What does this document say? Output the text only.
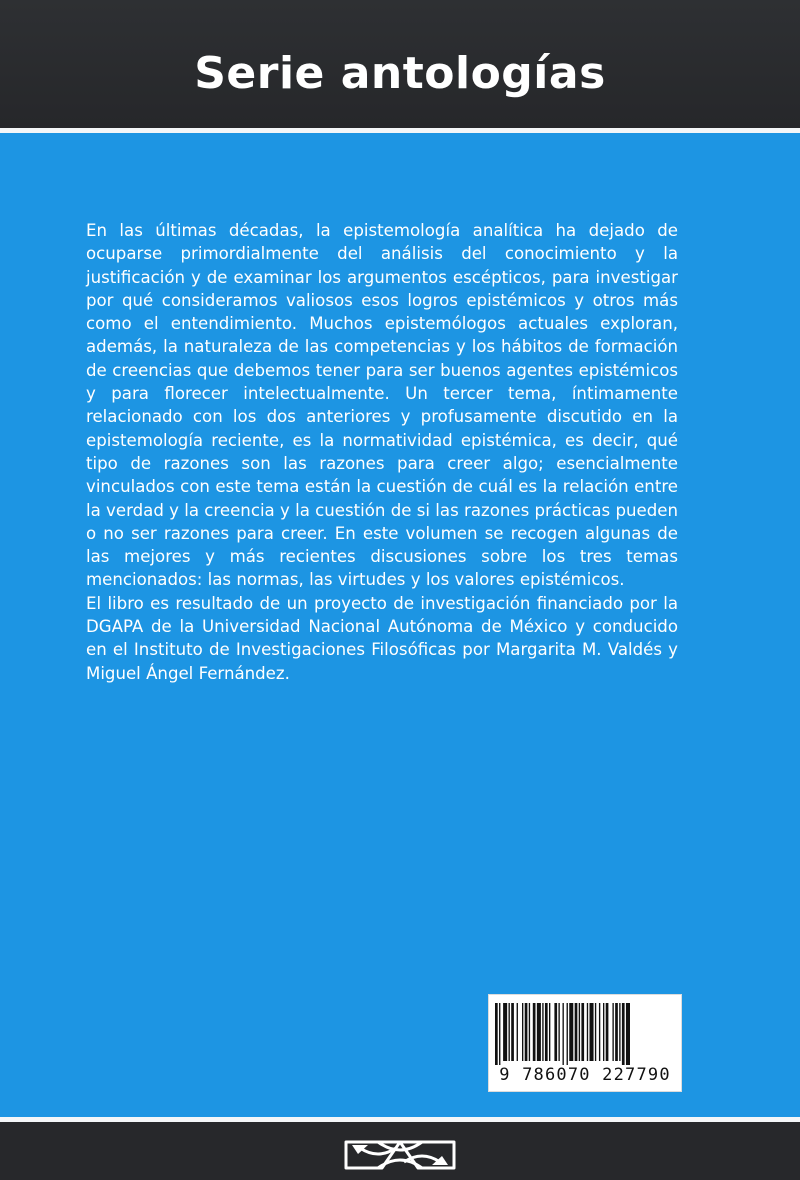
Serie antologías

En las últimas décadas, la epistemología analítica ha dejado de ocuparse primordialmente del análisis del conocimiento y la justificación y de examinar los argumentos escépticos, para investigar por qué consideramos valiosos esos logros epistémicos y otros más como el entendimiento. Muchos epistemólogos actuales exploran, además, la naturaleza de las competencias y los hábitos de formación de creencias que debemos tener para ser buenos agentes epistémicos y para florecer intelectualmente. Un tercer tema, íntimamente relacionado con los dos anteriores y profusamente discutido en la epistemología reciente, es la normatividad epistémica, es decir, qué tipo de razones son las razones para creer algo; esencialmente vinculados con este tema están la cuestión de cuál es la relación entre la verdad y la creencia y la cuestión de si las razones prácticas pueden o no ser razones para creer. En este volumen se recogen algunas de las mejores y más recientes discusiones sobre los tres temas mencionados: las normas, las virtudes y los valores epistémicos.

El libro es resultado de un proyecto de investigación financiado por la DGAPA de la Universidad Nacional Autónoma de México y conducido en el Instituto de Investigaciones Filosóficas por Margarita M. Valdés y Miguel Ángel Fernández.

9 786070 227790
